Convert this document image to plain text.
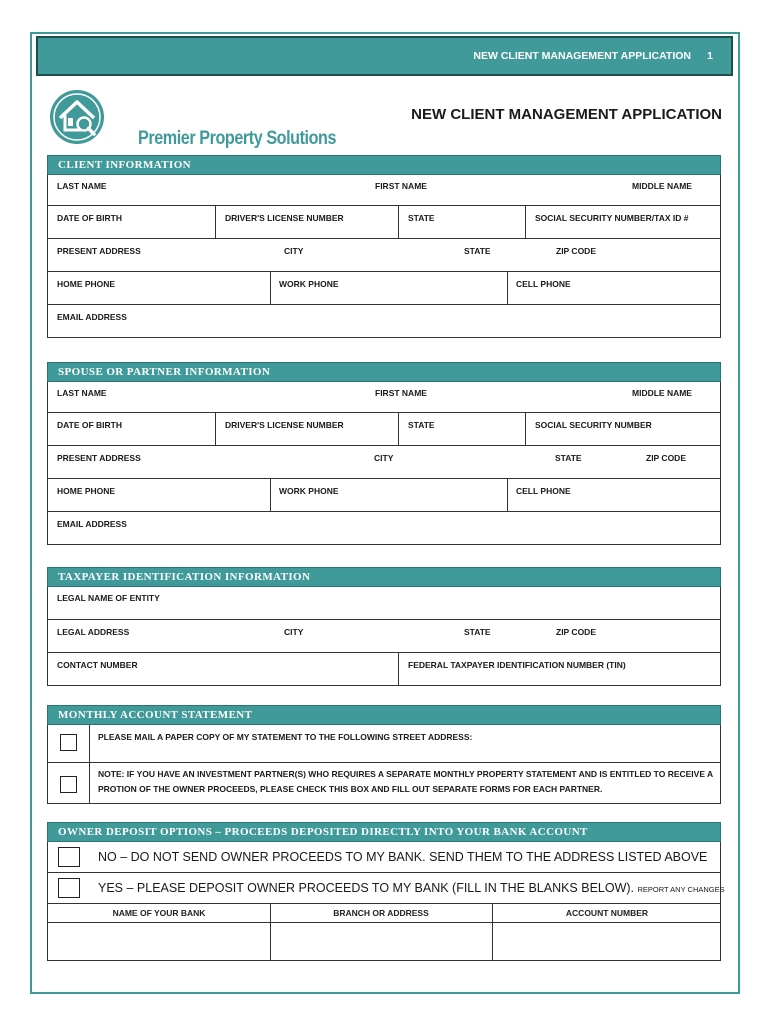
NEW CLIENT MANAGEMENT APPLICATION 1
Premier Property Solutions
NEW CLIENT MANAGEMENT APPLICATION
CLIENT INFORMATION
LAST NAME	FIRST NAME	MIDDLE NAME
DATE OF BIRTH	DRIVER'S LICENSE NUMBER	STATE	SOCIAL SECURITY NUMBER/TAX ID #
PRESENT ADDRESS	CITY	STATE	ZIP CODE
HOME PHONE	WORK PHONE	CELL PHONE
EMAIL ADDRESS
SPOUSE OR PARTNER INFORMATION
LAST NAME	FIRST NAME	MIDDLE NAME
DATE OF BIRTH	DRIVER'S LICENSE NUMBER	STATE	SOCIAL SECURITY NUMBER
PRESENT ADDRESS	CITY	STATE	ZIP CODE
HOME PHONE	WORK PHONE	CELL PHONE
EMAIL ADDRESS
TAXPAYER IDENTIFICATION INFORMATION
LEGAL NAME OF ENTITY
LEGAL ADDRESS	CITY	STATE	ZIP CODE
CONTACT NUMBER	FEDERAL TAXPAYER IDENTIFICATION NUMBER (TIN)
MONTHLY ACCOUNT STATEMENT
PLEASE MAIL A PAPER COPY OF MY STATEMENT TO THE FOLLOWING STREET ADDRESS:
NOTE: IF YOU HAVE AN INVESTMENT PARTNER(S) WHO REQUIRES A SEPARATE MONTHLY PROPERTY STATEMENT AND IS ENTITLED TO RECEIVE A
PROTION OF THE OWNER PROCEEDS, PLEASE CHECK THIS BOX AND FILL OUT SEPARATE FORMS FOR EACH PARTNER.
OWNER DEPOSIT OPTIONS – PROCEEDS DEPOSITED DIRECTLY INTO YOUR BANK ACCOUNT
NO – DO NOT SEND OWNER PROCEEDS TO MY BANK. SEND THEM TO THE ADDRESS LISTED ABOVE
YES – PLEASE DEPOSIT OWNER PROCEEDS TO MY BANK (FILL IN THE BLANKS BELOW). REPORT ANY CHANGES
NAME OF YOUR BANK	BRANCH OR ADDRESS	ACCOUNT NUMBER
